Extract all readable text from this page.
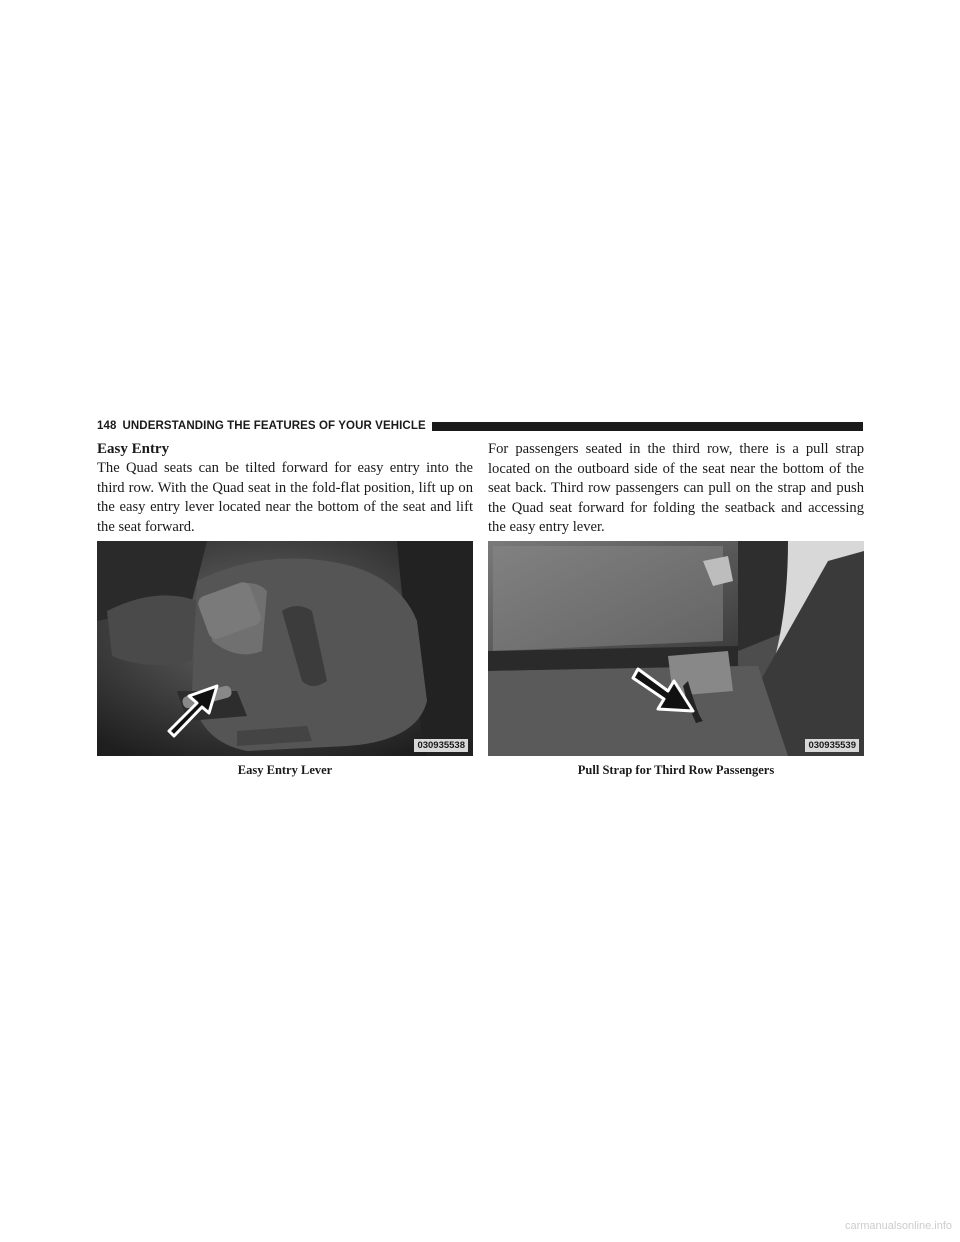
148 UNDERSTANDING THE FEATURES OF YOUR VEHICLE
Easy Entry

The Quad seats can be tilted forward for easy entry into the third row. With the Quad seat in the fold-flat position, lift up on the easy entry lever located near the bottom of the seat and lift the seat forward.

For passengers seated in the third row, there is a pull strap located on the outboard side of the seat near the bottom of the seat back. Third row passengers can pull on the strap and push the Quad seat forward for folding the seatback and accessing the easy entry lever.

030935538
Easy Entry Lever
030935539
Pull Strap for Third Row Passengers
carmanualsonline.info
